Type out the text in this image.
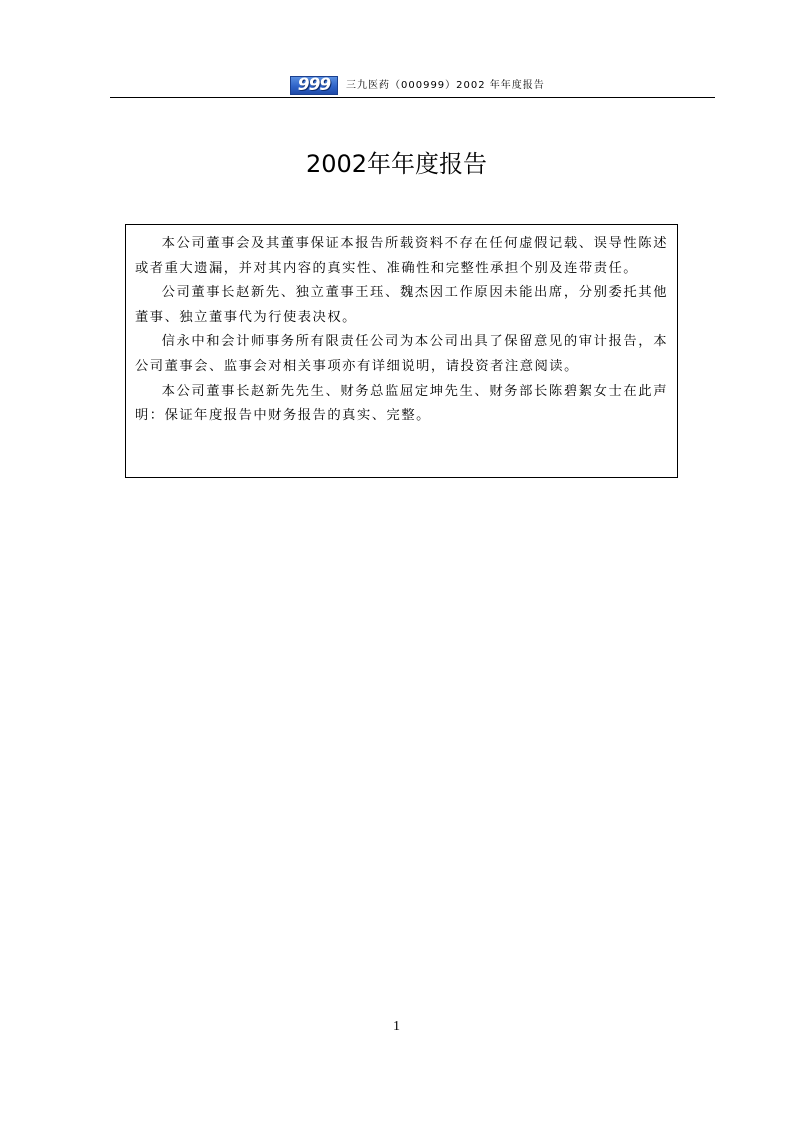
999	三九医药（000999）2002 年年度报告
2002年年度报告

本公司董事会及其董事保证本报告所载资料不存在任何虚假记载、误导性陈述或者重大遗漏，并对其内容的真实性、准确性和完整性承担个别及连带责任。

公司董事长赵新先、独立董事王珏、魏杰因工作原因未能出席，分别委托其他董事、独立董事代为行使表决权。

信永中和会计师事务所有限责任公司为本公司出具了保留意见的审计报告，本公司董事会、监事会对相关事项亦有详细说明，请投资者注意阅读。

本公司董事长赵新先先生、财务总监屈定坤先生、财务部长陈碧絮女士在此声明：保证年度报告中财务报告的真实、完整。

1
